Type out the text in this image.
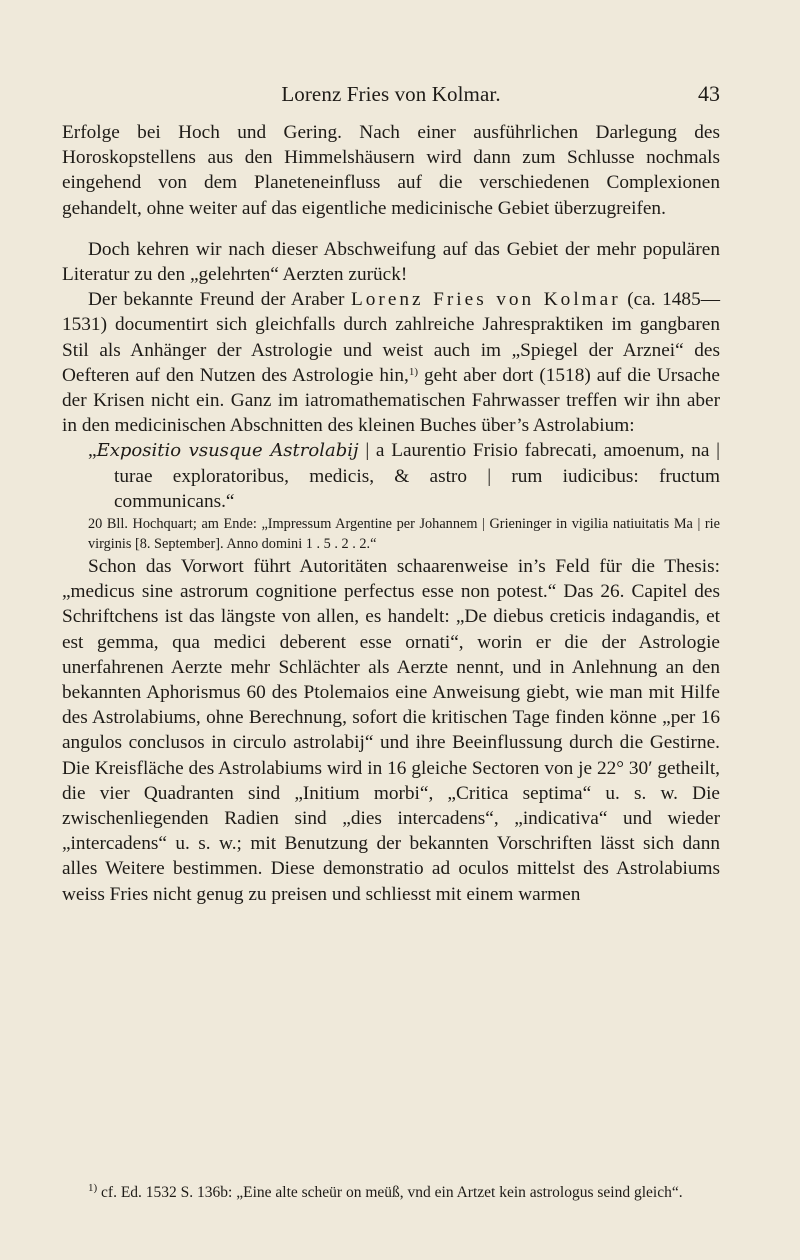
Lorenz Fries von Kolmar.	43

Erfolge bei Hoch und Gering. Nach einer ausführlichen Darlegung des Horoskopstellens aus den Himmelshäusern wird dann zum Schlusse nochmals eingehend von dem Planeteneinfluss auf die verschiedenen Complexionen gehandelt, ohne weiter auf das eigentliche medicinische Gebiet überzugreifen.

Doch kehren wir nach dieser Abschweifung auf das Gebiet der mehr populären Literatur zu den „gelehrten“ Aerzten zurück!

Der bekannte Freund der Araber Lorenz Fries von Kolmar (ca. 1485—1531) documentirt sich gleichfalls durch zahlreiche Jahrespraktiken im gangbaren Stil als Anhänger der Astrologie und weist auch im „Spiegel der Arznei“ des Oefteren auf den Nutzen des Astrologie hin,$^{1)}$ geht aber dort (1518) auf die Ursache der Krisen nicht ein. Ganz im iatromathematischen Fahrwasser treffen wir ihn aber in den medicinischen Abschnitten des kleinen Buches über’s Astrolabium:

„Expositio vsusque Astrolabij | a Laurentio Frisio fabrecati, amoenum, na | turae exploratoribus, medicis, & astro | rum iudicibus: fructum communicans.“

20 Bll. Hochquart; am Ende: „Impressum Argentine per Johannem | Grieninger in vigilia natiuitatis Ma | rie virginis [8. September]. Anno domini 1 . 5 . 2 . 2.“

Schon das Vorwort führt Autoritäten schaarenweise in’s Feld für die Thesis: „medicus sine astrorum cognitione perfectus esse non potest.“ Das 26. Capitel des Schriftchens ist das längste von allen, es handelt: „De diebus creticis indagandis, et est gemma, qua medici deberent esse ornati“, worin er die der Astrologie unerfahrenen Aerzte mehr Schlächter als Aerzte nennt, und in Anlehnung an den bekannten Aphorismus 60 des Ptolemaios eine Anweisung giebt, wie man mit Hilfe des Astrolabiums, ohne Berechnung, sofort die kritischen Tage finden könne „per 16 angulos conclusos in circulo astrolabij“ und ihre Beeinflussung durch die Gestirne. Die Kreisfläche des Astrolabiums wird in 16 gleiche Sectoren von je 22° 30′ getheilt, die vier Quadranten sind „Initium morbi“, „Critica septima“ u. s. w. Die zwischenliegenden Radien sind „dies intercadens“, „indicativa“ und wieder „intercadens“ u. s. w.; mit Benutzung der bekannten Vorschriften lässt sich dann alles Weitere bestimmen. Diese demonstratio ad oculos mittelst des Astrolabiums weiss Fries nicht genug zu preisen und schliesst mit einem warmen

$^{1)}$ cf. Ed. 1532 S. 136b: „Eine alte scheür on meüß, vnd ein Artzet kein astrologus seind gleich“.
